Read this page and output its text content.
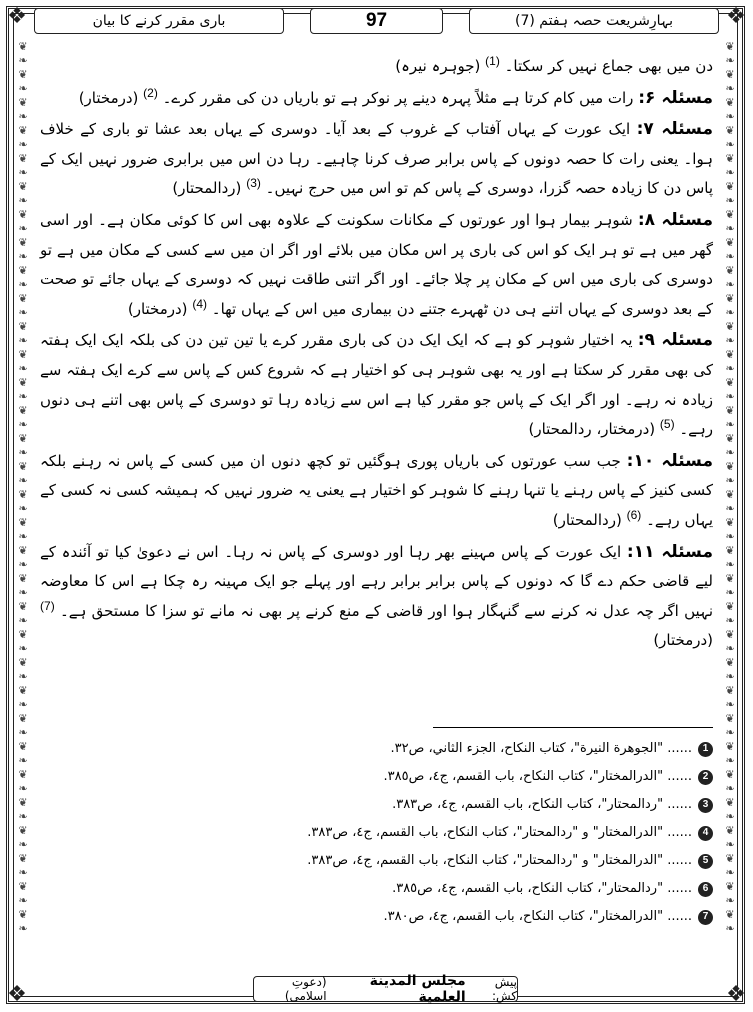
❖	❖
❖	❖
❦
❧
❦
❧
❦
❧
❦
❧
❦
❧
❦
❧
❦
❧
❦
❧
❦
❧
❦
❧
❦
❧
❦
❧
❦
❧
❦
❧
❦
❧
❦
❧
❦
❧
❦
❧
❦
❧
❦
❧
❦
❧
❦
❧
❦
❧
❦
❧
❦
❧
❦
❧
❦
❧
❦
❧
❦
❧
❦
❧
❦
❧
❦
❧
❦
❧
❦
❧
❦
❧
❦
❧
❦
❧
❦
❧
❦
❧
❦
❧
❦
❧
❦
❧
❦
❧
❦
❧
❦
❧
❦
❧
❦
❧
❦
❧
❦
❧
❦
❧
❦
❧
❦
❧
❦
❧
❦
❧
❦
❧
❦
❧
❦
❧
❦
❧
❦
❧
❦
❧
❦
❧
❦
❧
❦
❧
❦
❧
بہارِشریعت حصہ ہفتم (7)
97
باری مقرر کرنے کا بیان

دن میں بھی جماع نہیں کر سکتا۔ $^{(1)}$ (جوہرہ نیرہ)

مسئلہ ۶: رات میں کام کرتا ہے مثلاً پہرہ دینے پر نوکر ہے تو باریاں دن کی مقرر کرے۔ $^{(2)}$ (درمختار)

مسئلہ ۷: ایک عورت کے یہاں آفتاب کے غروب کے بعد آیا۔ دوسری کے یہاں بعد عشا تو باری کے خلاف ہوا۔ یعنی رات کا حصہ دونوں کے پاس برابر صرف کرنا چاہیے۔ رہا دن اس میں برابری ضرور نہیں ایک کے پاس دن کا زیادہ حصہ گزرا، دوسری کے پاس کم تو اس میں حرج نہیں۔ $^{(3)}$ (ردالمحتار)

مسئلہ ۸: شوہر بیمار ہوا اور عورتوں کے مکانات سکونت کے علاوہ بھی اس کا کوئی مکان ہے۔ اور اسی گھر میں ہے تو ہر ایک کو اس کی باری پر اس مکان میں بلائے اور اگر ان میں سے کسی کے مکان میں ہے تو دوسری کی باری میں اس کے مکان پر چلا جائے۔ اور اگر اتنی طاقت نہیں کہ دوسری کے یہاں جائے تو صحت کے بعد دوسری کے یہاں اتنے ہی دن ٹھہرے جتنے دن بیماری میں اس کے یہاں تھا۔ $^{(4)}$ (درمختار)

مسئلہ ۹: یہ اختیار شوہر کو ہے کہ ایک ایک دن کی باری مقرر کرے یا تین تین دن کی بلکہ ایک ایک ہفتہ کی بھی مقرر کر سکتا ہے اور یہ بھی شوہر ہی کو اختیار ہے کہ شروع کس کے پاس سے کرے ایک ہفتہ سے زیادہ نہ رہے۔ اور اگر ایک کے پاس جو مقرر کیا ہے اس سے زیادہ رہا تو دوسری کے پاس بھی اتنے ہی دنوں رہے۔ $^{(5)}$ (درمختار، ردالمحتار)

مسئلہ ۱۰: جب سب عورتوں کی باریاں پوری ہوگئیں تو کچھ دنوں ان میں کسی کے پاس نہ رہنے بلکہ کسی کنیز کے پاس رہنے یا تنہا رہنے کا شوہر کو اختیار ہے یعنی یہ ضرور نہیں کہ ہمیشہ کسی نہ کسی کے یہاں رہے۔ $^{(6)}$ (ردالمحتار)

مسئلہ ۱۱: ایک عورت کے پاس مہینے بھر رہا اور دوسری کے پاس نہ رہا۔ اس نے دعویٰ کیا تو آئندہ کے لیے قاضی حکم دے گا کہ دونوں کے پاس برابر برابر رہے اور پہلے جو ایک مہینہ رہ چکا ہے اس کا معاوضہ نہیں اگر چہ عدل نہ کرنے سے گنہگار ہوا اور قاضی کے منع کرنے پر بھی نہ مانے تو سزا کا مستحق ہے۔ $^{(7)}$ (درمختار)

1
...... "الجوهرة النيرة"، كتاب النكاح، الجزء الثاني، ص٣٢.
2
...... "الدرالمختار"، كتاب النكاح، باب القسم، ج٤، ص٣٨٥.
3
...... "ردالمحتار"، كتاب النكاح، باب القسم، ج٤، ص٣٨٣.
4
...... "الدرالمختار" و "ردالمحتار"، كتاب النكاح، باب القسم، ج٤، ص٣٨٣.
5
...... "الدرالمختار" و "ردالمحتار"، كتاب النكاح، باب القسم، ج٤، ص٣٨٣.
6
...... "ردالمحتار"، كتاب النكاح، باب القسم، ج٤، ص٣٨٥.
7
...... "الدرالمختار"، كتاب النكاح، باب القسم، ج٤، ص٣٨٠.
پیش کش:
مجلس المدينة العلمية
(دعوتِ اسلامی)
